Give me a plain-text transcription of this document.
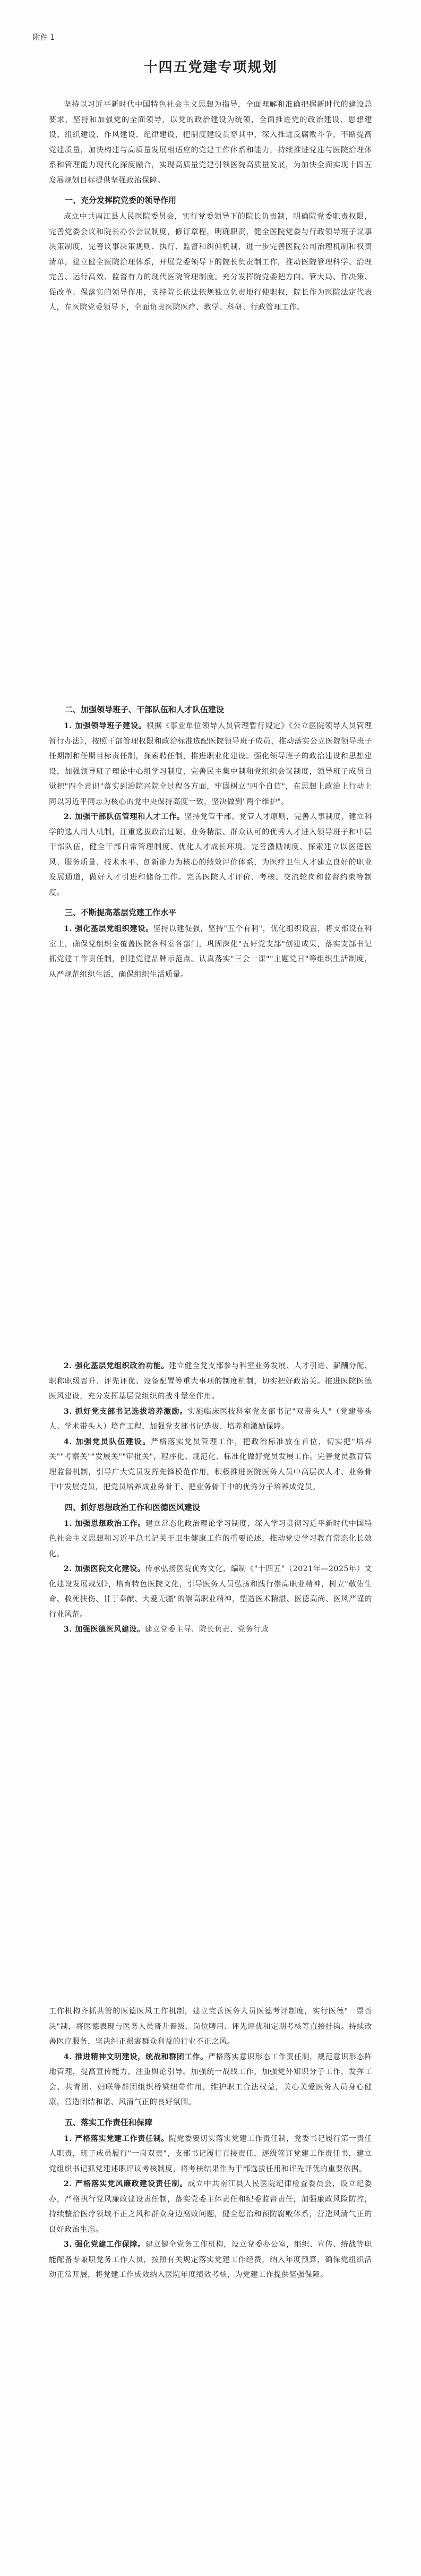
附件 1
十四五党建专项规划

坚持以习近平新时代中国特色社会主义思想为指导，全面理解和准确把握新时代的建设总要求，坚持和加强党的全面领导，以党的政治建设为统领，全面推进党的政治建设、思想建设、组织建设、作风建设、纪律建设，把制度建设贯穿其中，深入推进反腐败斗争，不断提高党建质量，加快构建与高质量发展相适应的党建工作体系和能力，持续推进党建与医院治理体系和管理能力现代化深度融合，实现高质量党建引领医院高质量发展，为加快全面实现十四五发展规划目标提供坚强政治保障。

一、充分发挥院党委的领导作用

成立中共南江县人民医院委员会，实行党委领导下的院长负责制，明确院党委职责权限，完善党委会议和院长办公会议制度，修订章程，明确职责，健全医院党委与行政领导班子议事决策制度，完善议事决策规则、执行、监督和纠偏机制，进一步完善医院公司治理机制和权责清单，建立健全医院治理体系，开展党委领导下的院长负责制工作，推动医院管理科学、治理完善、运行高效、监督有力的现代医院管理制度。充分发挥院党委把方向、管大局、作决策、促改革、保落实的领导作用，支持院长依法依规独立负责地行使职权，院长作为医院法定代表人，在医院党委领导下，全面负责医院医疗、教学、科研、行政管理工作。

二、加强领导班子、干部队伍和人才队伍建设

1. 加强领导班子建设。根据《事业单位领导人员管理暂行规定》《公立医院领导人员管理暂行办法》，按照干部管理权限和政治标准选配医院领导班子成员，推动落实公立医院领导班子任期制和任期目标责任制，探索聘任制，推进职业化建设。强化领导班子的政治建设和思想建设，加强领导班子理论中心组学习制度，完善民主集中制和党组织会议制度，领导班子成员自觉把"四个意识"落实到治院兴院全过程各方面，牢固树立"四个自信"，在思想上政治上行动上同以习近平同志为核心的党中央保持高度一致，坚决做到"两个维护"。

2. 加强干部队伍管理和人才工作。坚持党管干部、党管人才原则，完善人事制度，建立科学的选人用人机制，注重选拔政治过硬、业务精湛、群众认可的优秀人才进入领导班子和中层干部队伍，健全干部日常管理制度、优化人才成长环境。完善激励制度、探索建立以医德医风、服务质量、技术水平、创新能力为核心的绩效评价体系，为医疗卫生人才建立良好的职业发展通道，做好人才引进和储备工作。完善医院人才评价、考核、交流轮岗和监督约束等制度。

三、不断提高基层党建工作水平

1. 强化基层党组织建设。坚持以建促强，坚持"五个有利"，优化组织设置，将支部设在科室上，确保党组织全覆盖医院各科室各部门，巩固深化"五好党支部"创建成果，落实支部书记抓党建工作责任制，创建党建品牌示范点。认真落实"三会一课""主题党日"等组织生活制度，从严规范组织生活，确保组织生活质量。

2. 强化基层党组织政治功能。建立健全党支部参与科室业务发展、人才引进、薪酬分配、职称职级晋升、评先评优、设备配置等重大事项的制度机制，切实把好政治关。推进医院医德医风建设，充分发挥基层党组织的战斗堡垒作用。

3. 抓好党支部书记选拔培养激励。实施临床医技科室党支部书记"双带头人"（党建带头人、学术带头人）培育工程，加强党支部书记选拔、培养和激励保障。

4. 加强党员队伍建设。严格落实党员管理工作，把政治标准放在首位，切实把"培养关""考察关""发展关""审批关"，程序化、规范化、标准化做好党员发展工作。完善党员教育管理监督机制，引导广大党员发挥先锋模范作用，积极推进医院医务人员中高层次人才、业务骨干中发展党员，把党员培养成业务骨干、把业务骨干中的优秀分子培养成党员。

四、抓好思想政治工作和医德医风建设

1. 加强思想政治工作。建立常态化政治理论学习制度，深入学习贯彻习近平新时代中国特色社会主义思想和习近平总书记关于卫生健康工作的重要论述，推动党史学习教育常态化长效化。

2. 加强医院文化建设。传承弘扬医院优秀文化，编制《"十四五"（2021年—2025年）文化建设发展规划》，培育特色医院文化，引导医务人员弘扬和践行崇高职业精神，树立"敬佑生命、救死扶伤、甘于奉献、大爱无疆"的崇高职业精神，塑造医术精湛、医德高尚、医风严谨的行业风范。

3. 加强医德医风建设。建立党委主导、院长负责、党务行政

工作机构齐抓共管的医德医风工作机制，建立完善医务人员医德考评制度，实行医德"一票否决"制，将医德表现与医务人员晋升晋级、岗位聘用、评先评优和定期考核等直接挂钩。持续改善医疗服务，坚决纠正损害群众利益的行业不正之风。

4. 推进精神文明建设，统战和群团工作。严格落实意识形态工作责任制，规范意识形态阵地管理，提高宣传能力，注重舆论引导。加强统一战线工作，加强党外知识分子工作，发挥工会、共青团、妇联等群团组织桥梁纽带作用，维护职工合法权益，关心关爱医务人员身心健康，营造团结和谐、风清气正的良好氛围。

五、落实工作责任和保障

1. 严格落实党建工作责任制。院党委要切实落实党建工作责任制，党委书记履行第一责任人职责，班子成员履行"一岗双责"，支部书记履行直接责任，逐级签订党建工作责任书，建立党组织书记抓党建述职评议考核制度，将考核结果作为干部选拔任用和评先评优的重要依据。

2. 严格落实党风廉政建设责任制。成立中共南江县人民医院纪律检查委员会，设立纪委办，严格执行党风廉政建设责任制，落实党委主体责任和纪委监督责任，加强廉政风险防控，持续整治医疗领域不正之风和群众身边腐败问题，健全惩治和预防腐败体系，营造风清气正的良好政治生态。

3. 强化党建工作保障。建立健全党务工作机构，设立党委办公室，组织、宣传、统战等职能配备专兼职党务工作人员，按照有关规定落实党建工作经费，纳入年度预算，确保党组织活动正常开展，将党建工作成效纳入医院年度绩效考核，为党建工作提供坚强保障。
